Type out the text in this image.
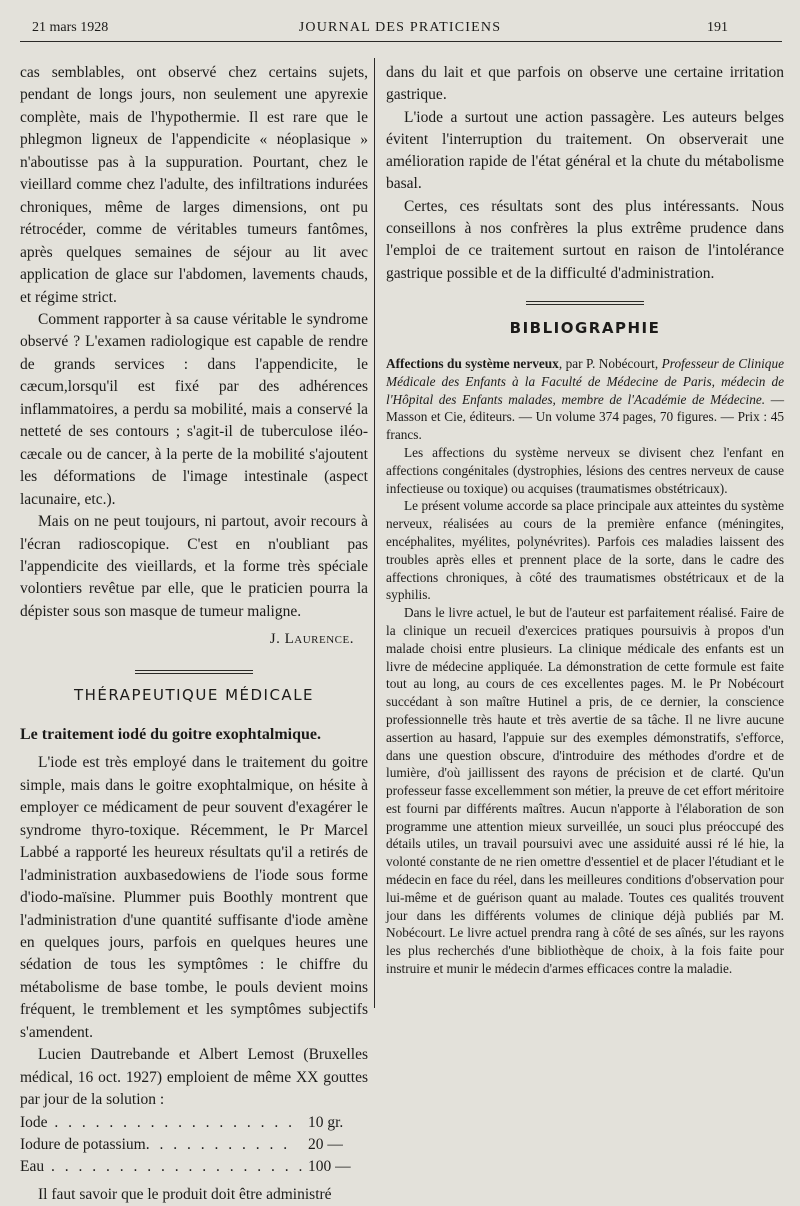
21 mars 1928	JOURNAL DES PRATICIENS	191

cas semblables, ont observé chez certains sujets, pendant de longs jours, non seulement une apyrexie complète, mais de l'hypothermie. Il est rare que le phlegmon ligneux de l'appendicite « néoplasique » n'aboutisse pas à la suppuration. Pourtant, chez le vieillard comme chez l'adulte, des infiltrations indurées chroniques, même de larges dimensions, ont pu rétrocéder, comme de véritables tumeurs fantômes, après quelques semaines de séjour au lit avec application de glace sur l'abdomen, lavements chauds, et régime strict.

Comment rapporter à sa cause véritable le syndrome observé ? L'examen radiologique est capable de rendre de grands services : dans l'appendicite, le cæcum,lorsqu'il est fixé par des adhérences inflammatoires, a perdu sa mobilité, mais a conservé la netteté de ses contours ; s'agit-il de tuberculose iléo-cæcale ou de cancer, à la perte de la mobilité s'ajoutent les déformations de l'image intestinale (aspect lacunaire, etc.).

Mais on ne peut toujours, ni partout, avoir recours à l'écran radioscopique. C'est en n'oubliant pas l'appendicite des vieillards, et la forme très spéciale volontiers revêtue par elle, que le praticien pourra la dépister sous son masque de tumeur maligne.

J. Laurence.
THÉRAPEUTIQUE MÉDICALE
Le traitement iodé du goitre exophtalmique.

L'iode est très employé dans le traitement du goitre simple, mais dans le goitre exophtalmique, on hésite à employer ce médicament de peur souvent d'exagérer le syndrome thyro-toxique. Récemment, le Pr Marcel Labbé a rapporté les heureux résultats qu'il a retirés de l'administration auxbasedowiens de l'iode sous forme d'iodo-maïsine. Plummer puis Boothly montrent que l'administration d'une quantité suffisante d'iode amène en quelques jours, parfois en quelques heures une sédation de tous les symptômes : le chiffre du métabolisme de base tombe, le pouls devient moins fréquent, le tremblement et les symptômes subjectifs s'amendent.

Lucien Dautrebande et Albert Lemost (Bruxelles médical, 16 oct. 1927) emploient de même XX gouttes par jour de la solution :

Iode . . . . . . . . . . . . . . . . . . 10 gr.
Iodure de potassium. . . . . . . . . . .	20 —
Eau . . . . . . . . . . . . . . . . . . . 100 —

Il faut savoir que le produit doit être administré

dans du lait et que parfois on observe une certaine irritation gastrique.

L'iode a surtout une action passagère. Les auteurs belges évitent l'interruption du traitement. On observerait une amélioration rapide de l'état général et la chute du métabolisme basal.

Certes, ces résultats sont des plus intéressants. Nous conseillons à nos confrères la plus extrême prudence dans l'emploi de ce traitement surtout en raison de l'intolérance gastrique possible et de la difficulté d'administration.

BIBLIOGRAPHIE
Affections du système nerveux, par P. Nobécourt, Professeur de Clinique Médicale des Enfants à la Faculté de Médecine de Paris, médecin de l'Hôpital des Enfants malades, membre de l'Académie de Médecine. — Masson et Cie, éditeurs. — Un volume 374 pages, 70 figures. — Prix : 45 francs.

Les affections du système nerveux se divisent chez l'enfant en affections congénitales (dystrophies, lésions des centres nerveux de cause infectieuse ou toxique) ou acquises (traumatismes obstétricaux).

Le présent volume accorde sa place principale aux atteintes du système nerveux, réalisées au cours de la première enfance (méningites, encéphalites, myélites, polynévrites). Parfois ces maladies laissent des troubles après elles et prennent place de la sorte, dans le cadre des affections chroniques, à côté des traumatismes obstétricaux et de la syphilis.

Dans le livre actuel, le but de l'auteur est parfaitement réalisé. Faire de la clinique un recueil d'exercices pratiques poursuivis à propos d'un malade choisi entre plusieurs. La clinique médicale des enfants est un livre de médecine appliquée. La démonstration de cette formule est faite tout au long, au cours de ces excellentes pages. M. le Pr Nobécourt succédant à son maître Hutinel a pris, de ce dernier, la conscience professionnelle très haute et très avertie de sa tâche. Il ne livre aucune assertion au hasard, l'appuie sur des exemples démonstratifs, s'efforce, dans une question obscure, d'introduire des méthodes d'ordre et de lumière, d'où jaillissent des rayons de précision et de clarté. Qu'un professeur fasse excellemment son métier, la preuve de cet effort méritoire est fourni par différents maîtres. Aucun n'apporte à l'élaboration de son programme une attention mieux surveillée, un souci plus préoccupé des détails utiles, un travail poursuivi avec une assiduité aussi ré lé hie, la volonté constante de ne rien omettre d'essentiel et de placer l'étudiant et le médecin en face du réel, dans les meilleures conditions d'observation pour lui-même et de guérison quant au malade. Toutes ces qualités trouvent jour dans les différents volumes de clinique déjà publiés par M. Nobécourt. Le livre actuel prendra rang à côté de ses aînés, sur les rayons les plus recherchés d'une bibliothèque de choix, à la fois faite pour instruire et munir le médecin d'armes efficaces contre la maladie.
